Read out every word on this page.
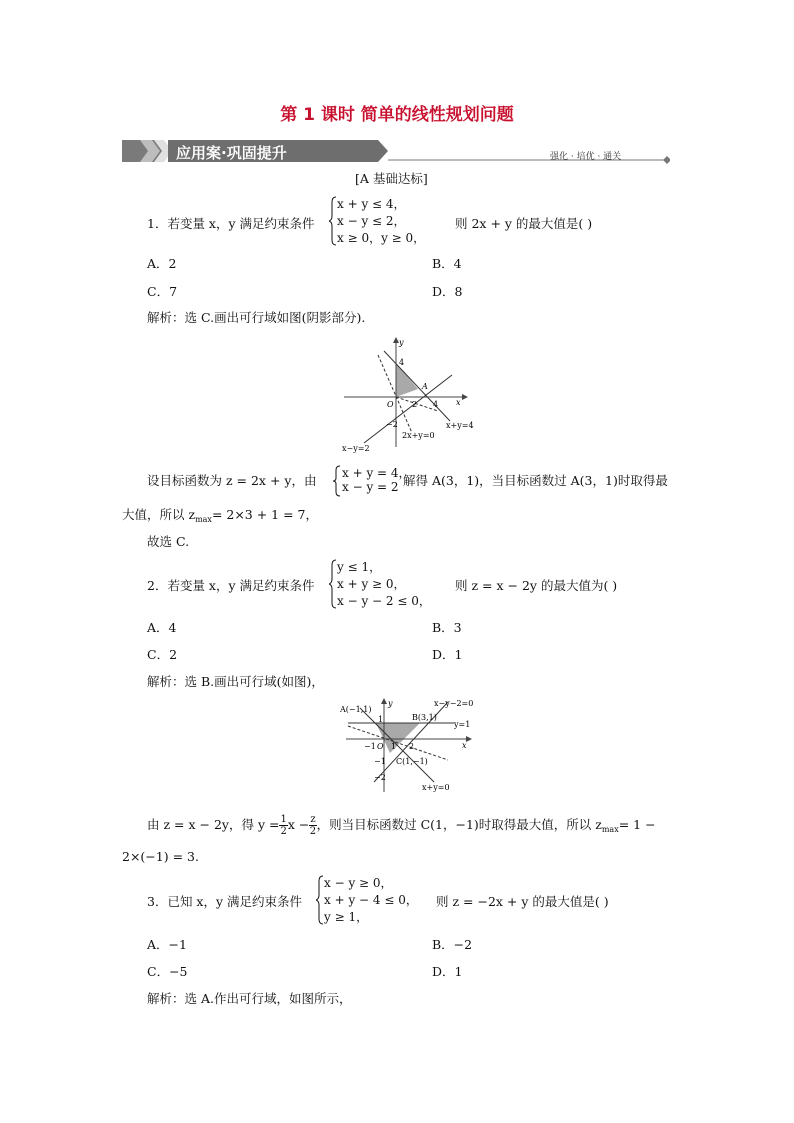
第 1 课时 简单的线性规划问题
应用案·巩固提升	强化 · 培优 · 通关
[A 基础达标]
1．若变量 x，y 满足约束条件
x + y ≤ 4，
x − y ≤ 2，
x ≥ 0，y ≥ 0，
则 2x + y 的最大值是( )
A．2	B．4
C．7	D．8
解析：选 C.画出可行域如图(阴影部分).
y
4
A
O 2 4 x
−2
2x+y=0
x+y=4
x−y=2
设目标函数为 z = 2x + y，由 x + y = 4，
x − y = 2 解得 A(3，1)，当目标函数过 A(3，1)时取得最
大值，所以 $z_{max}= 2\times 3 + 1 = 7$，
故选 C.
2．若变量 x，y 满足约束条件
y ≤ 1，
x + y ≥ 0，
x − y − 2 ≤ 0，
则 z = x − 2y 的最大值为( )
A．4	B．3
C．2	D．1
解析：选 B.画出可行域(如图)，
A(−1,1)
y	x−y−2=0
B(3,1)
1
y=1
−1 O 1 2	x
−1 C(1,−1)
−2
x+y=0
由 z = x − 2y，得 $y = \frac{1}{2}$ $x - \frac{z}{2}$ ，则当目标函数过 C(1，−1)时取得最大值，所以 $z_{max}= 1$ −
2×(−1) = 3.
3．已知 x，y 满足约束条件
x − y ≥ 0，
x + y − 4 ≤ 0，
y ≥ 1，
则 z = −2x + y 的最大值是( )
A．−1	B．−2
C．−5	D．1
解析：选 A.作出可行域，如图所示，
